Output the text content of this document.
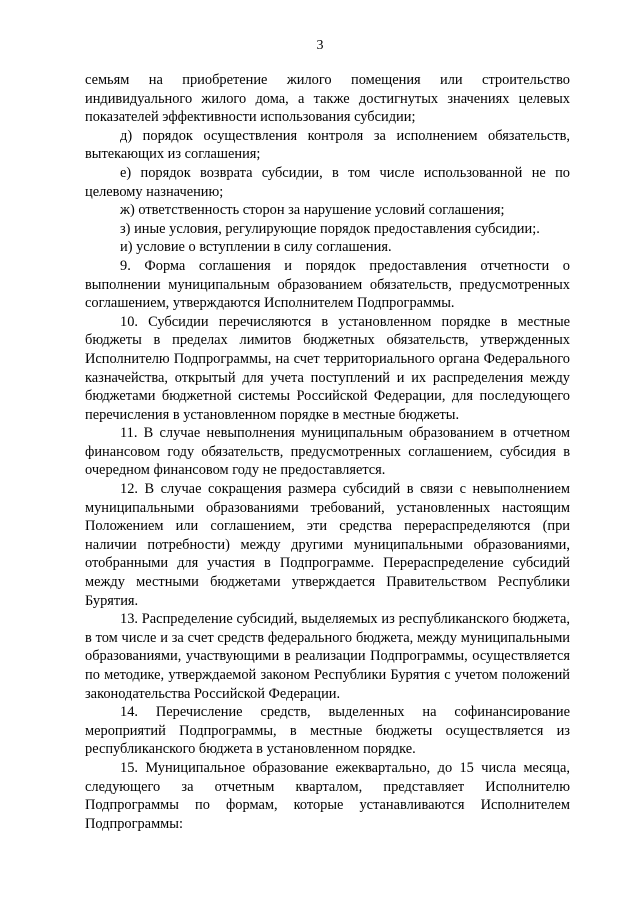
3

семьям на приобретение жилого помещения или строительство индивидуального жилого дома, а также достигнутых значениях целевых показателей эффективности использования субсидии;

д) порядок осуществления контроля за исполнением обязательств, вытекающих из соглашения;

е) порядок возврата субсидии, в том числе использованной не по целевому назначению;

ж) ответственность сторон за нарушение условий соглашения;

з) иные условия, регулирующие порядок предоставления субсидии;.

и) условие о вступлении в силу соглашения.

9. Форма соглашения и порядок предоставления отчетности о выполнении муниципальным образованием обязательств, предусмотренных соглашением, утверждаются Исполнителем Подпрограммы.

10. Субсидии перечисляются в установленном порядке в местные бюджеты в пределах лимитов бюджетных обязательств, утвержденных Исполнителю Подпрограммы, на счет территориального органа Федерального казначейства, открытый для учета поступлений и их распределения между бюджетами бюджетной системы Российской Федерации, для последующего перечисления в установленном порядке в местные бюджеты.

11. В случае невыполнения муниципальным образованием в отчетном финансовом году обязательств, предусмотренных соглашением, субсидия в очередном финансовом году не предоставляется.

12. В случае сокращения размера субсидий в связи с невыполнением муниципальными образованиями требований, установленных настоящим Положением или соглашением, эти средства перераспределяются (при наличии потребности) между другими муниципальными образованиями, отобранными для участия в Подпрограмме. Перераспределение субсидий между местными бюджетами утверждается Правительством Республики Бурятия.

13. Распределение субсидий, выделяемых из республиканского бюджета, в том числе и за счет средств федерального бюджета, между муниципальными образованиями, участвующими в реализации Подпрограммы, осуществляется по методике, утверждаемой законом Республики Бурятия с учетом положений законодательства Российской Федерации.

14. Перечисление средств, выделенных на софинансирование мероприятий Подпрограммы, в местные бюджеты осуществляется из республиканского бюджета в установленном порядке.

15. Муниципальное образование ежеквартально, до 15 числа месяца, следующего за отчетным кварталом, представляет Исполнителю Подпрограммы по формам, которые устанавливаются Исполнителем Подпрограммы:
